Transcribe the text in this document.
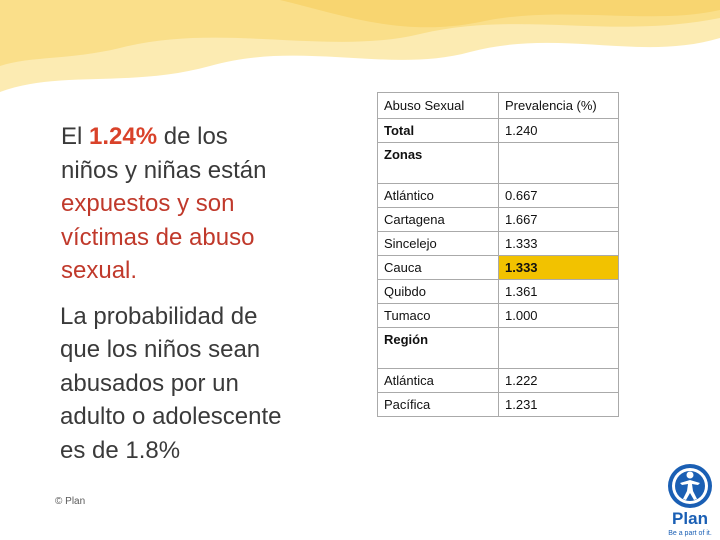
El 1.24% de los niños y niñas están expuestos y son víctimas de abuso sexual.

La probabilidad de que los niños sean abusados por un adulto o adolescente es de 1.8%

© Plan
Abuso Sexual	Prevalencia (%)
Total	1.240
Zonas	
Atlántico	0.667
Cartagena	1.667
Sincelejo	1.333
Cauca	1.333
Quibdo	1.361
Tumaco	1.000
Región	
Atlántica	1.222
Pacífica	1.231
Plan
Be a part of it.
